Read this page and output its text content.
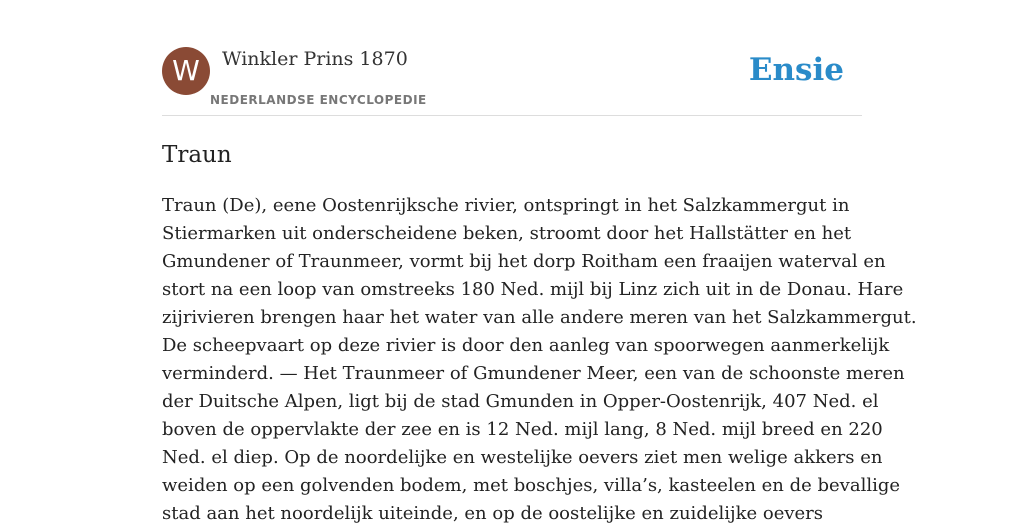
W	Winkler Prins 1870
NEDERLANDSE ENCYCLOPEDIE
Ensie
Traun
Traun (De), eene Oostenrijksche rivier, ontspringt in het Salzkammergut in
Stiermarken uit onderscheidene beken, stroomt door het Hallstätter en het
Gmundener of Traunmeer, vormt bij het dorp Roitham een fraaijen waterval en
stort na een loop van omstreeks 180 Ned. mijl bij Linz zich uit in de Donau. Hare
zijrivieren brengen haar het water van alle andere meren van het Salzkammergut.
De scheepvaart op deze rivier is door den aanleg van spoorwegen aanmerkelijk
verminderd. — Het Traunmeer of Gmundener Meer, een van de schoonste meren
der Duitsche Alpen, ligt bij de stad Gmunden in Opper-Oostenrijk, 407 Ned. el
boven de oppervlakte der zee en is 12 Ned. mijl lang, 8 Ned. mijl breed en 220
Ned. el diep. Op de noordelijke en westelijke oevers ziet men welige akkers en
weiden op een golvenden bodem, met boschjes, villa’s, kasteelen en de bevallige
stad aan het noordelijk uiteinde, en op de oostelijke en zuidelijke oevers
